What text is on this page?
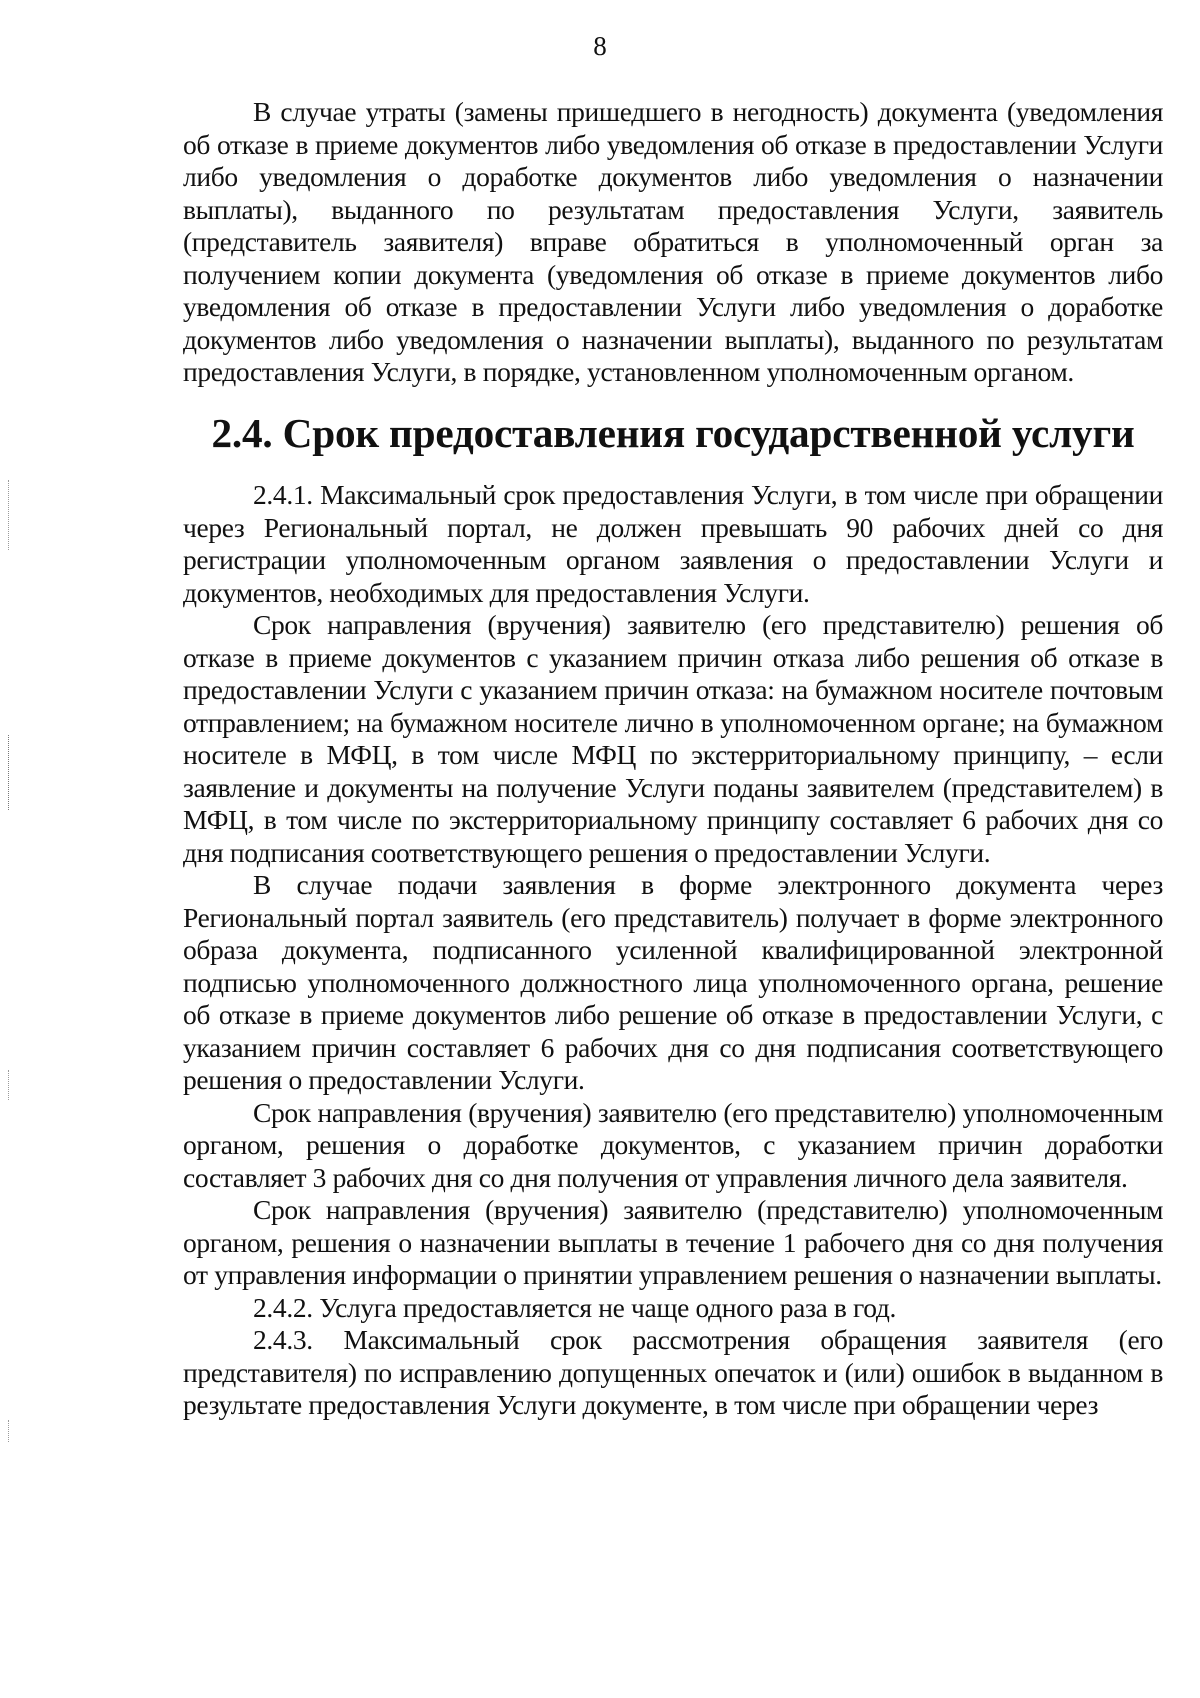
8

В случае утраты (замены пришедшего в негодность) документа (уведомления об отказе в приеме документов либо уведомления об отказе в предоставлении Услуги либо уведомления о доработке документов либо уведомления о назначении выплаты), выданного по результатам предоставления Услуги, заявитель (представитель заявителя) вправе обратиться в уполномоченный орган за получением копии документа (уведомления об отказе в приеме документов либо уведомления об отказе в предоставлении Услуги либо уведомления о доработке документов либо уведомления о назначении выплаты), выданного по результатам предоставления Услуги, в порядке, установленном уполномоченным органом.

2.4. Срок предоставления государственной услуги

2.4.1. Максимальный срок предоставления Услуги, в том числе при обращении через Региональный портал, не должен превышать 90 рабочих дней со дня регистрации уполномоченным органом заявления о предоставлении Услуги и документов, необходимых для предоставления Услуги.

Срок направления (вручения) заявителю (его представителю) решения об отказе в приеме документов с указанием причин отказа либо решения об отказе в предоставлении Услуги с указанием причин отказа: на бумажном носителе почтовым отправлением; на бумажном носителе лично в уполномоченном органе; на бумажном носителе в МФЦ, в том числе МФЦ по экстерриториальному принципу, – если заявление и документы на получение Услуги поданы заявителем (представителем) в МФЦ, в том числе по экстерриториальному принципу составляет 6 рабочих дня со дня подписания соответствующего решения о предоставлении Услуги.

В случае подачи заявления в форме электронного документа через Региональный портал заявитель (его представитель) получает в форме электронного образа документа, подписанного усиленной квалифицированной электронной подписью уполномоченного должностного лица уполномоченного органа, решение об отказе в приеме документов либо решение об отказе в предоставлении Услуги, с указанием причин составляет 6 рабочих дня со дня подписания соответствующего решения о предоставлении Услуги.

Срок направления (вручения) заявителю (его представителю) уполномоченным органом, решения о доработке документов, с указанием причин доработки составляет 3 рабочих дня со дня получения от управления личного дела заявителя.

Срок направления (вручения) заявителю (представителю) уполномоченным органом, решения о назначении выплаты в течение 1 рабочего дня со дня получения от управления информации о принятии управлением решения о назначении выплаты.

2.4.2. Услуга предоставляется не чаще одного раза в год.

2.4.3. Максимальный срок рассмотрения обращения заявителя (его представителя) по исправлению допущенных опечаток и (или) ошибок в выданном в результате предоставления Услуги документе, в том числе при обращении через
